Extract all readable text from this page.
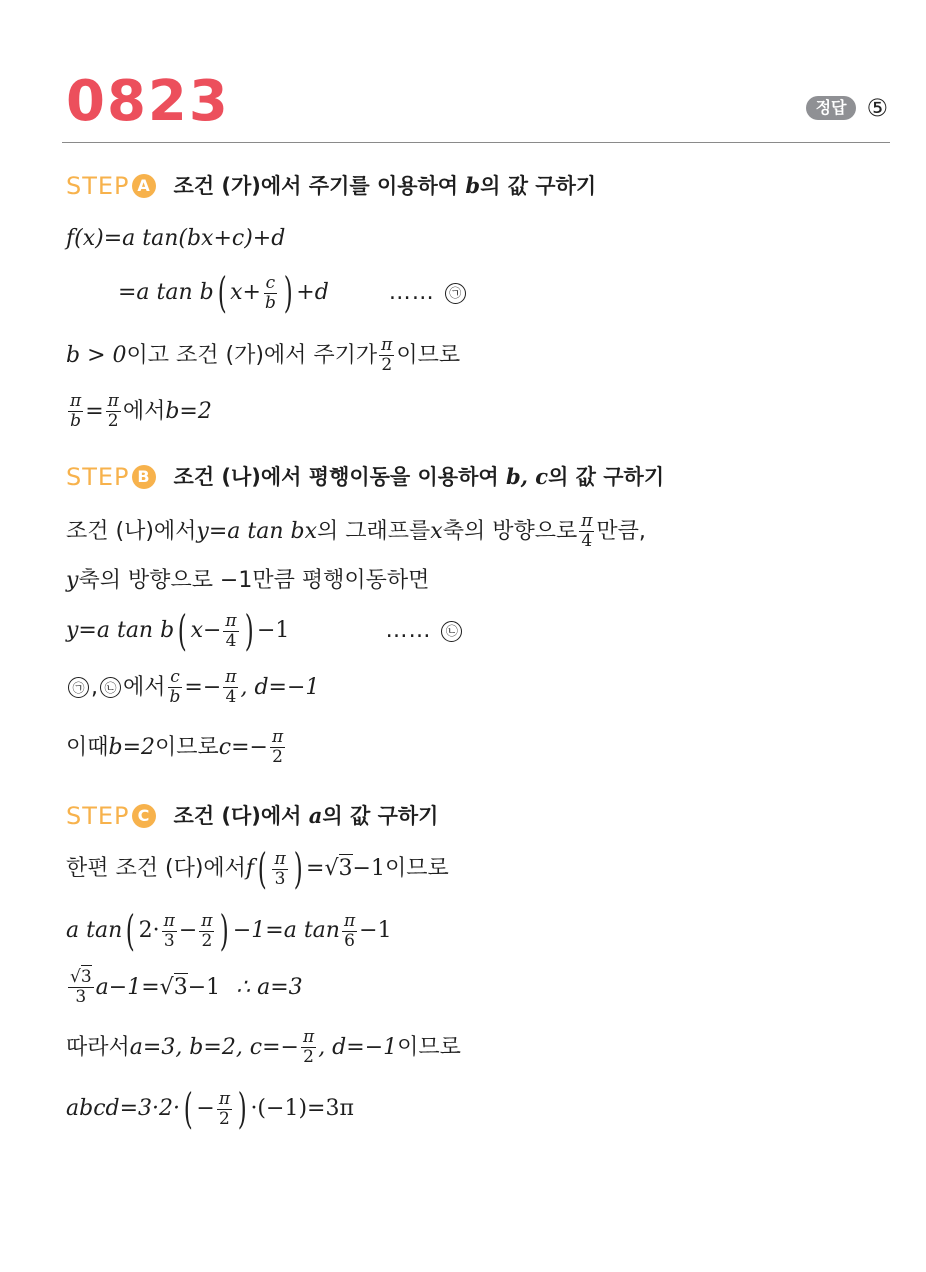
0823	정답 ⑤
STEP A 조건 (가)에서 주기를 이용하여 b의 값 구하기
f(x)=a tan(bx+c)+d
=a tan b ( $x+ \frac{c}{b}$ ) +d	……	㉠
b > 0 이고 조건 (가)에서 주기가 $\frac{\pi}{2}$ 이므로
$\frac{\pi}{b} = \frac{\pi}{2}$ 에서 b=2
STEP B 조건 (나)에서 평행이동을 이용하여 b, c의 값 구하기
조건 (나)에서 y=a tan bx 의 그래프를 x 축의 방향으로 $\frac{\pi}{4}$ 만큼,
y 축의 방향으로 −1만큼 평행이동하면
y=a tan b ( $x- \frac{\pi}{4}$ ) −1	……	㉡
㉠ , ㉡ 에서 $\frac{c}{b} =- \frac{\pi}{4}$ , d=−1
이때 b=2 이므로 $c=- \frac{\pi}{2}$
STEP C 조건 (다)에서 a의 값 구하기
한편 조건 (다)에서 f ( $\frac{\pi}{3}$ ) = √3 −1 이므로
a tan ( $2\cdot \frac{\pi}{3} - \frac{\pi}{2}$ ) −1=a $\tan \frac{\pi}{6} -1$
$\frac{√3}{3} a-1= √3 -1$ ∴ a=3
따라서 a=3, b=2, $c=- \frac{\pi}{2}$ , d=−1 이므로
abcd=3·2· ( − $\frac{\pi}{2}$ ) ·(−1)=3π
